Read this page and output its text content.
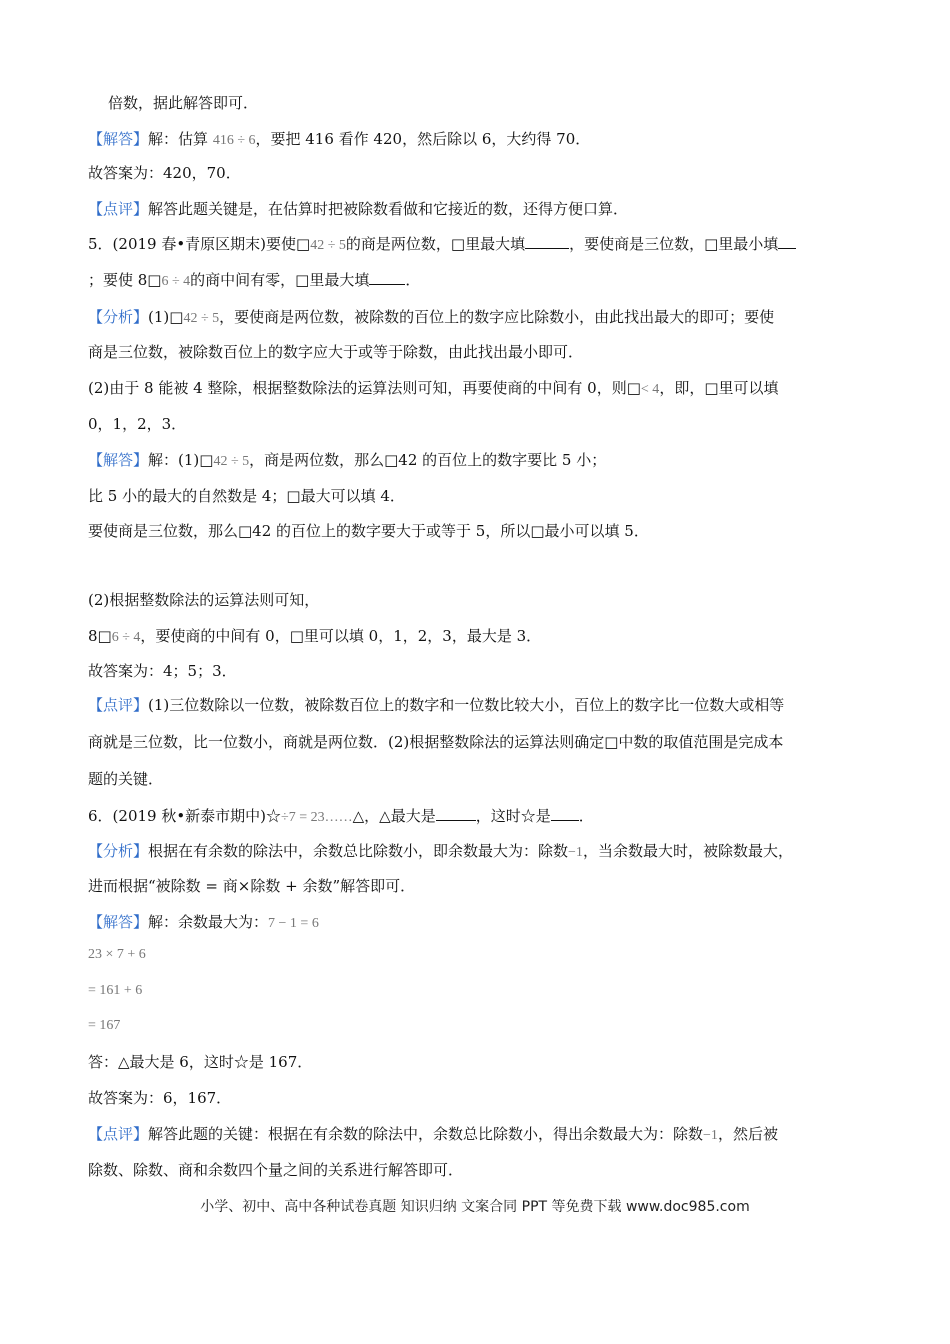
倍数，据此解答即可．
【解答】解：估算 416 ÷ 6，要把 416 看作 420，然后除以 6，大约得 70．
故答案为：420，70．
【点评】解答此题关键是，在估算时把被除数看做和它接近的数，还得方便口算．
5．(2019 春•青原区期末)要使□42 ÷ 5的商是两位数，□里最大填	，要使商是三位数，□里最小填
；要使 8□6 ÷ 4的商中间有零，□里最大填 ．
【分析】(1)□42 ÷ 5，要使商是两位数，被除数的百位上的数字应比除数小，由此找出最大的即可；要使
商是三位数，被除数百位上的数字应大于或等于除数，由此找出最小即可．
(2)由于 8 能被 4 整除，根据整数除法的运算法则可知，再要使商的中间有 0，则□< 4，即，□里可以填
0，1，2，3．
【解答】解：(1)□42 ÷ 5，商是两位数，那么□42 的百位上的数字要比 5 小；
比 5 小的最大的自然数是 4；□最大可以填 4．
要使商是三位数，那么□42 的百位上的数字要大于或等于 5，所以□最小可以填 5．
(2)根据整数除法的运算法则可知，
8□6 ÷ 4，要使商的中间有 0，□里可以填 0，1，2，3，最大是 3．
故答案为：4；5；3．
【点评】(1)三位数除以一位数，被除数百位上的数字和一位数比较大小，百位上的数字比一位数大或相等
商就是三位数，比一位数小，商就是两位数．(2)根据整数除法的运算法则确定□中数的取值范围是完成本
题的关键．
6．(2019 秋•新泰市期中)☆÷7 = 23……△，△最大是	，这时☆是 ．
【分析】根据在有余数的除法中，余数总比除数小，即余数最大为：除数−1，当余数最大时，被除数最大，
进而根据“被除数 = 商×除数 + 余数”解答即可．
【解答】解：余数最大为：7 − 1 = 6
23 × 7 + 6
= 161 + 6
= 167
答：△最大是 6，这时☆是 167．
故答案为：6，167．
【点评】解答此题的关键：根据在有余数的除法中，余数总比除数小，得出余数最大为：除数−1，然后被
除数、除数、商和余数四个量之间的关系进行解答即可．
小学、初中、高中各种试卷真题 知识归纳 文案合同 PPT 等免费下载 www.doc985.com
